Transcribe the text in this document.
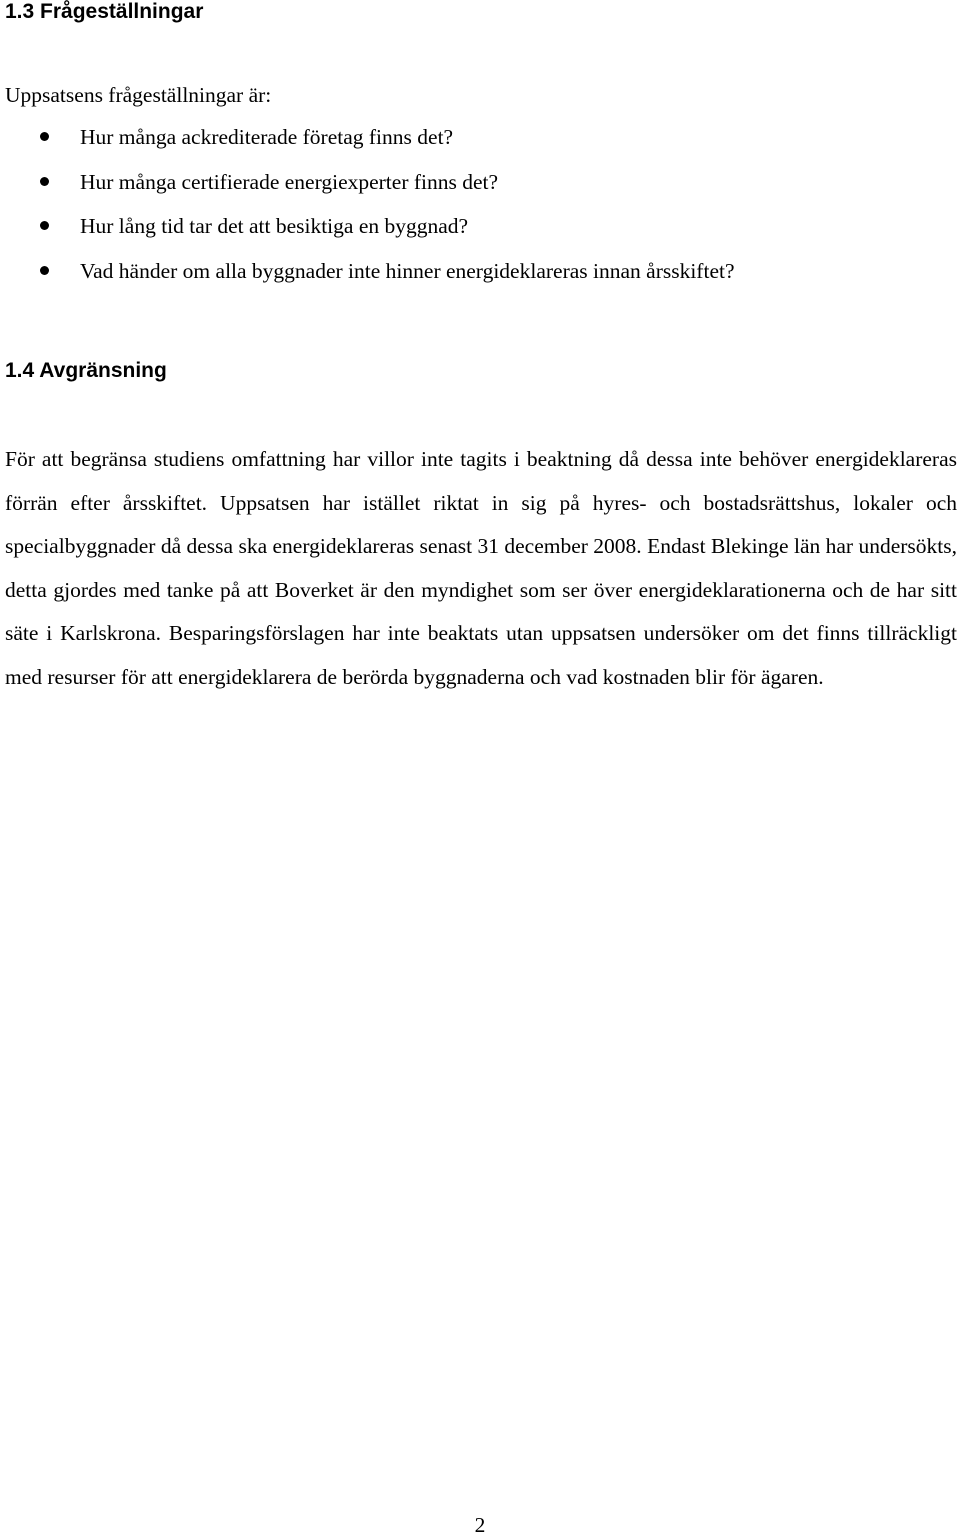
1.3 Frågeställningar

Uppsatsens frågeställningar är:

Hur många ackrediterade företag finns det?
Hur många certifierade energiexperter finns det?
Hur lång tid tar det att besiktiga en byggnad?
Vad händer om alla byggnader inte hinner energideklareras innan årsskiftet?
1.4 Avgränsning

För att begränsa studiens omfattning har villor inte tagits i beaktning då dessa inte behöver energideklareras förrän efter årsskiftet. Uppsatsen har istället riktat in sig på hyres- och bostadsrättshus, lokaler och specialbyggnader då dessa ska energideklareras senast 31 december 2008. Endast Blekinge län har undersökts, detta gjordes med tanke på att Boverket är den myndighet som ser över energideklarationerna och de har sitt säte i Karlskrona. Besparingsförslagen har inte beaktats utan uppsatsen undersöker om det finns tillräckligt med resurser för att energideklarera de berörda byggnaderna och vad kostnaden blir för ägaren.

2
